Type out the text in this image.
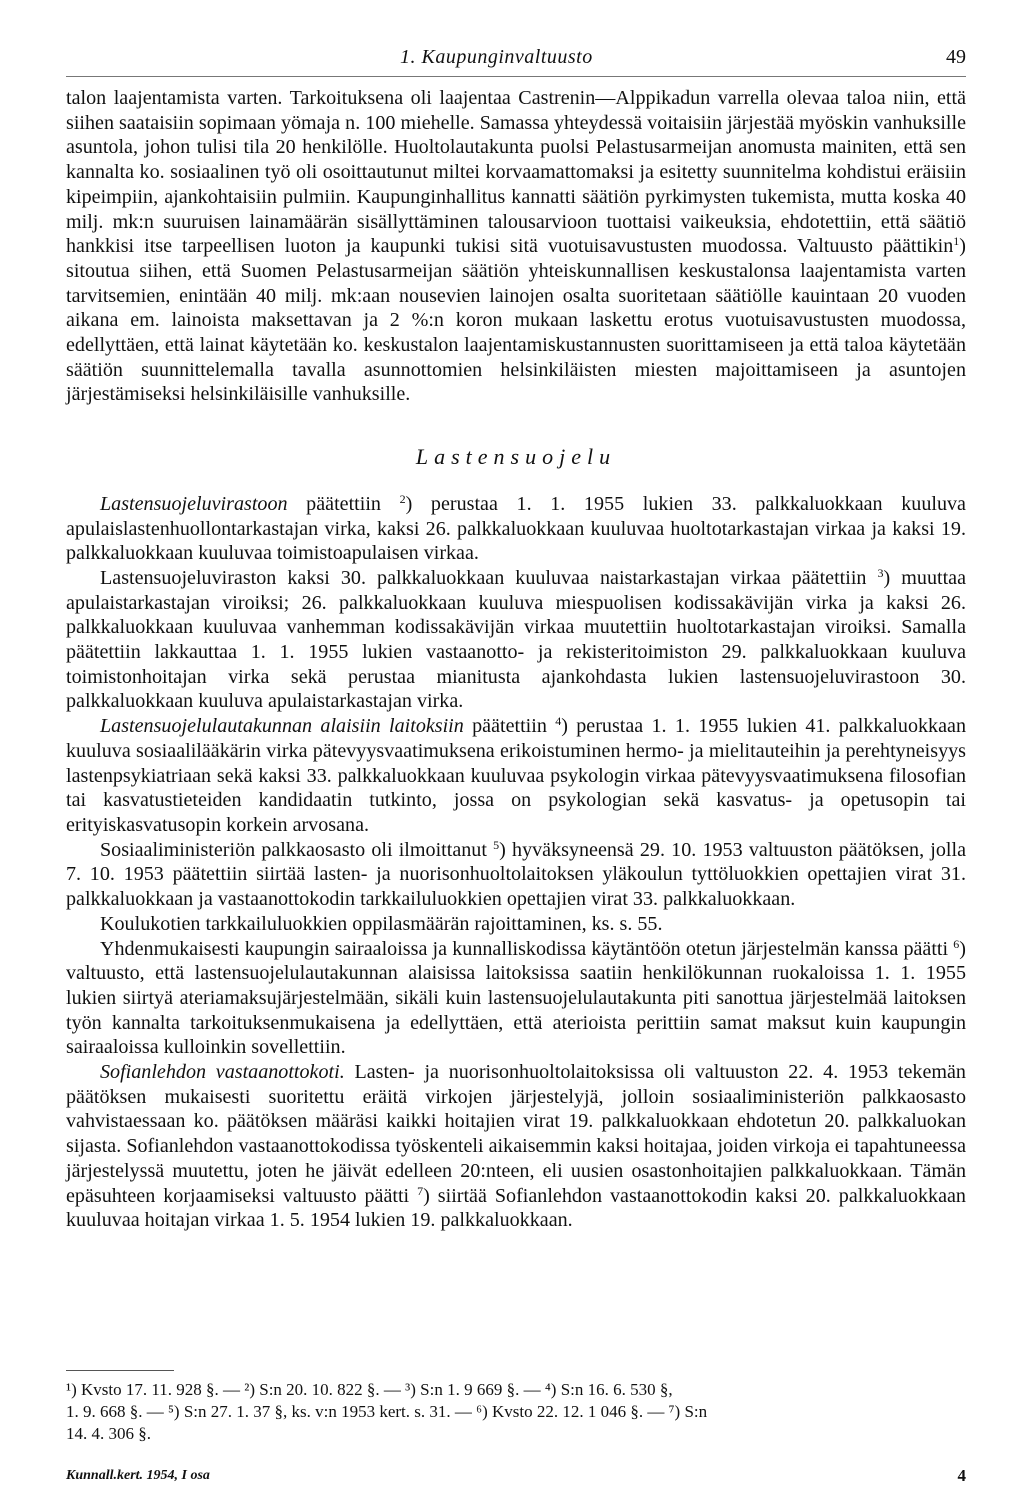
1. Kaupunginvaltuusto	49

talon laajentamista varten. Tarkoituksena oli laajentaa Castrenin—Alppikadun varrella olevaa taloa niin, että siihen saataisiin sopimaan yömaja n. 100 miehelle. Samassa yhteydessä voitaisiin järjestää myöskin vanhuksille asuntola, johon tulisi tila 20 henkilölle. Huoltolautakunta puolsi Pelastusarmeijan anomusta mainiten, että sen kannalta ko. sosiaalinen työ oli osoittautunut miltei korvaamattomaksi ja esitetty suunnitelma kohdistui eräisiin kipeimpiin, ajankohtaisiin pulmiin. Kaupunginhallitus kannatti säätiön pyrkimysten tukemista, mutta koska 40 milj. mk:n suuruisen lainamäärän sisällyttäminen talousarvioon tuottaisi vaikeuksia, ehdotettiin, että säätiö hankkisi itse tarpeellisen luoton ja kaupunki tukisi sitä vuotuisavustusten muodossa. Valtuusto päättikin$^1$) sitoutua siihen, että Suomen Pelastusarmeijan säätiön yhteiskunnallisen keskustalonsa laajentamista varten tarvitsemien, enintään 40 milj. mk:aan nousevien lainojen osalta suoritetaan säätiölle kauintaan 20 vuoden aikana em. lainoista maksettavan ja 2 %:n koron mukaan laskettu erotus vuotuisavustusten muodossa, edellyttäen, että lainat käytetään ko. keskustalon laajentamiskustannusten suorittamiseen ja että taloa käytetään säätiön suunnittelemalla tavalla asunnottomien helsinkiläisten miesten majoittamiseen ja asuntojen järjestämiseksi helsinkiläisille vanhuksille.

Lastensuojelu

Lastensuojeluvirastoon päätettiin $^2$) perustaa 1. 1. 1955 lukien 33. palkkaluokkaan kuuluva apulaislastenhuollontarkastajan virka, kaksi 26. palkkaluokkaan kuuluvaa huoltotarkastajan virkaa ja kaksi 19. palkkaluokkaan kuuluvaa toimistoapulaisen virkaa.

Lastensuojeluviraston kaksi 30. palkkaluokkaan kuuluvaa naistarkastajan virkaa päätettiin $^3$) muuttaa apulaistarkastajan viroiksi; 26. palkkaluokkaan kuuluva miespuolisen kodissakävijän virka ja kaksi 26. palkkaluokkaan kuuluvaa vanhemman kodissakävijän virkaa muutettiin huoltotarkastajan viroiksi. Samalla päätettiin lakkauttaa 1. 1. 1955 lukien vastaanotto- ja rekisteritoimiston 29. palkkaluokkaan kuuluva toimistonhoitajan virka sekä perustaa mianitusta ajankohdasta lukien lastensuojeluvirastoon 30. palkkaluokkaan kuuluva apulaistarkastajan virka.

Lastensuojelulautakunnan alaisiin laitoksiin päätettiin $^4$) perustaa 1. 1. 1955 lukien 41. palkkaluokkaan kuuluva sosiaalilääkärin virka pätevyysvaatimuksena erikoistuminen hermo- ja mielitauteihin ja perehtyneisyys lastenpsykiatriaan sekä kaksi 33. palkkaluokkaan kuuluvaa psykologin virkaa pätevyysvaatimuksena filosofian tai kasvatustieteiden kandidaatin tutkinto, jossa on psykologian sekä kasvatus- ja opetusopin tai erityiskasvatusopin korkein arvosana.

Sosiaaliministeriön palkkaosasto oli ilmoittanut $^5$) hyväksyneensä 29. 10. 1953 valtuuston päätöksen, jolla 7. 10. 1953 päätettiin siirtää lasten- ja nuorisonhuoltolaitoksen yläkoulun tyttöluokkien opettajien virat 31. palkkaluokkaan ja vastaanottokodin tarkkailuluokkien opettajien virat 33. palkkaluokkaan.

Koulukotien tarkkailuluokkien oppilasmäärän rajoittaminen, ks. s. 55.

Yhdenmukaisesti kaupungin sairaaloissa ja kunnalliskodissa käytäntöön otetun järjestelmän kanssa päätti $^6$) valtuusto, että lastensuojelulautakunnan alaisissa laitoksissa saatiin henkilökunnan ruokaloissa 1. 1. 1955 lukien siirtyä ateriamaksujärjestelmään, sikäli kuin lastensuojelulautakunta piti sanottua järjestelmää laitoksen työn kannalta tarkoituksenmukaisena ja edellyttäen, että aterioista perittiin samat maksut kuin kaupungin sairaaloissa kulloinkin sovellettiin.

Sofianlehdon vastaanottokoti. Lasten- ja nuorisonhuoltolaitoksissa oli valtuuston 22. 4. 1953 tekemän päätöksen mukaisesti suoritettu eräitä virkojen järjestelyjä, jolloin sosiaaliministeriön palkkaosasto vahvistaessaan ko. päätöksen määräsi kaikki hoitajien virat 19. palkkaluokkaan ehdotetun 20. palkkaluokan sijasta. Sofianlehdon vastaanottokodissa työskenteli aikaisemmin kaksi hoitajaa, joiden virkoja ei tapahtuneessa järjestelyssä muutettu, joten he jäivät edelleen 20:nteen, eli uusien osastonhoitajien palkkaluokkaan. Tämän epäsuhteen korjaamiseksi valtuusto päätti $^7$) siirtää Sofianlehdon vastaanottokodin kaksi 20. palkkaluokkaan kuuluvaa hoitajan virkaa 1. 5. 1954 lukien 19. palkkaluokkaan.

¹) Kvsto 17. 11. 928 §. — ²) S:n 20. 10. 822 §. — ³) S:n 1. 9 669 §. — ⁴) S:n 16. 6. 530 §,
1. 9. 668 §. — ⁵) S:n 27. 1. 37 §, ks. v:n 1953 kert. s. 31. — ⁶) Kvsto 22. 12. 1 046 §. — ⁷) S:n
14. 4. 306 §.
Kunnall.kert. 1954, I osa	4
